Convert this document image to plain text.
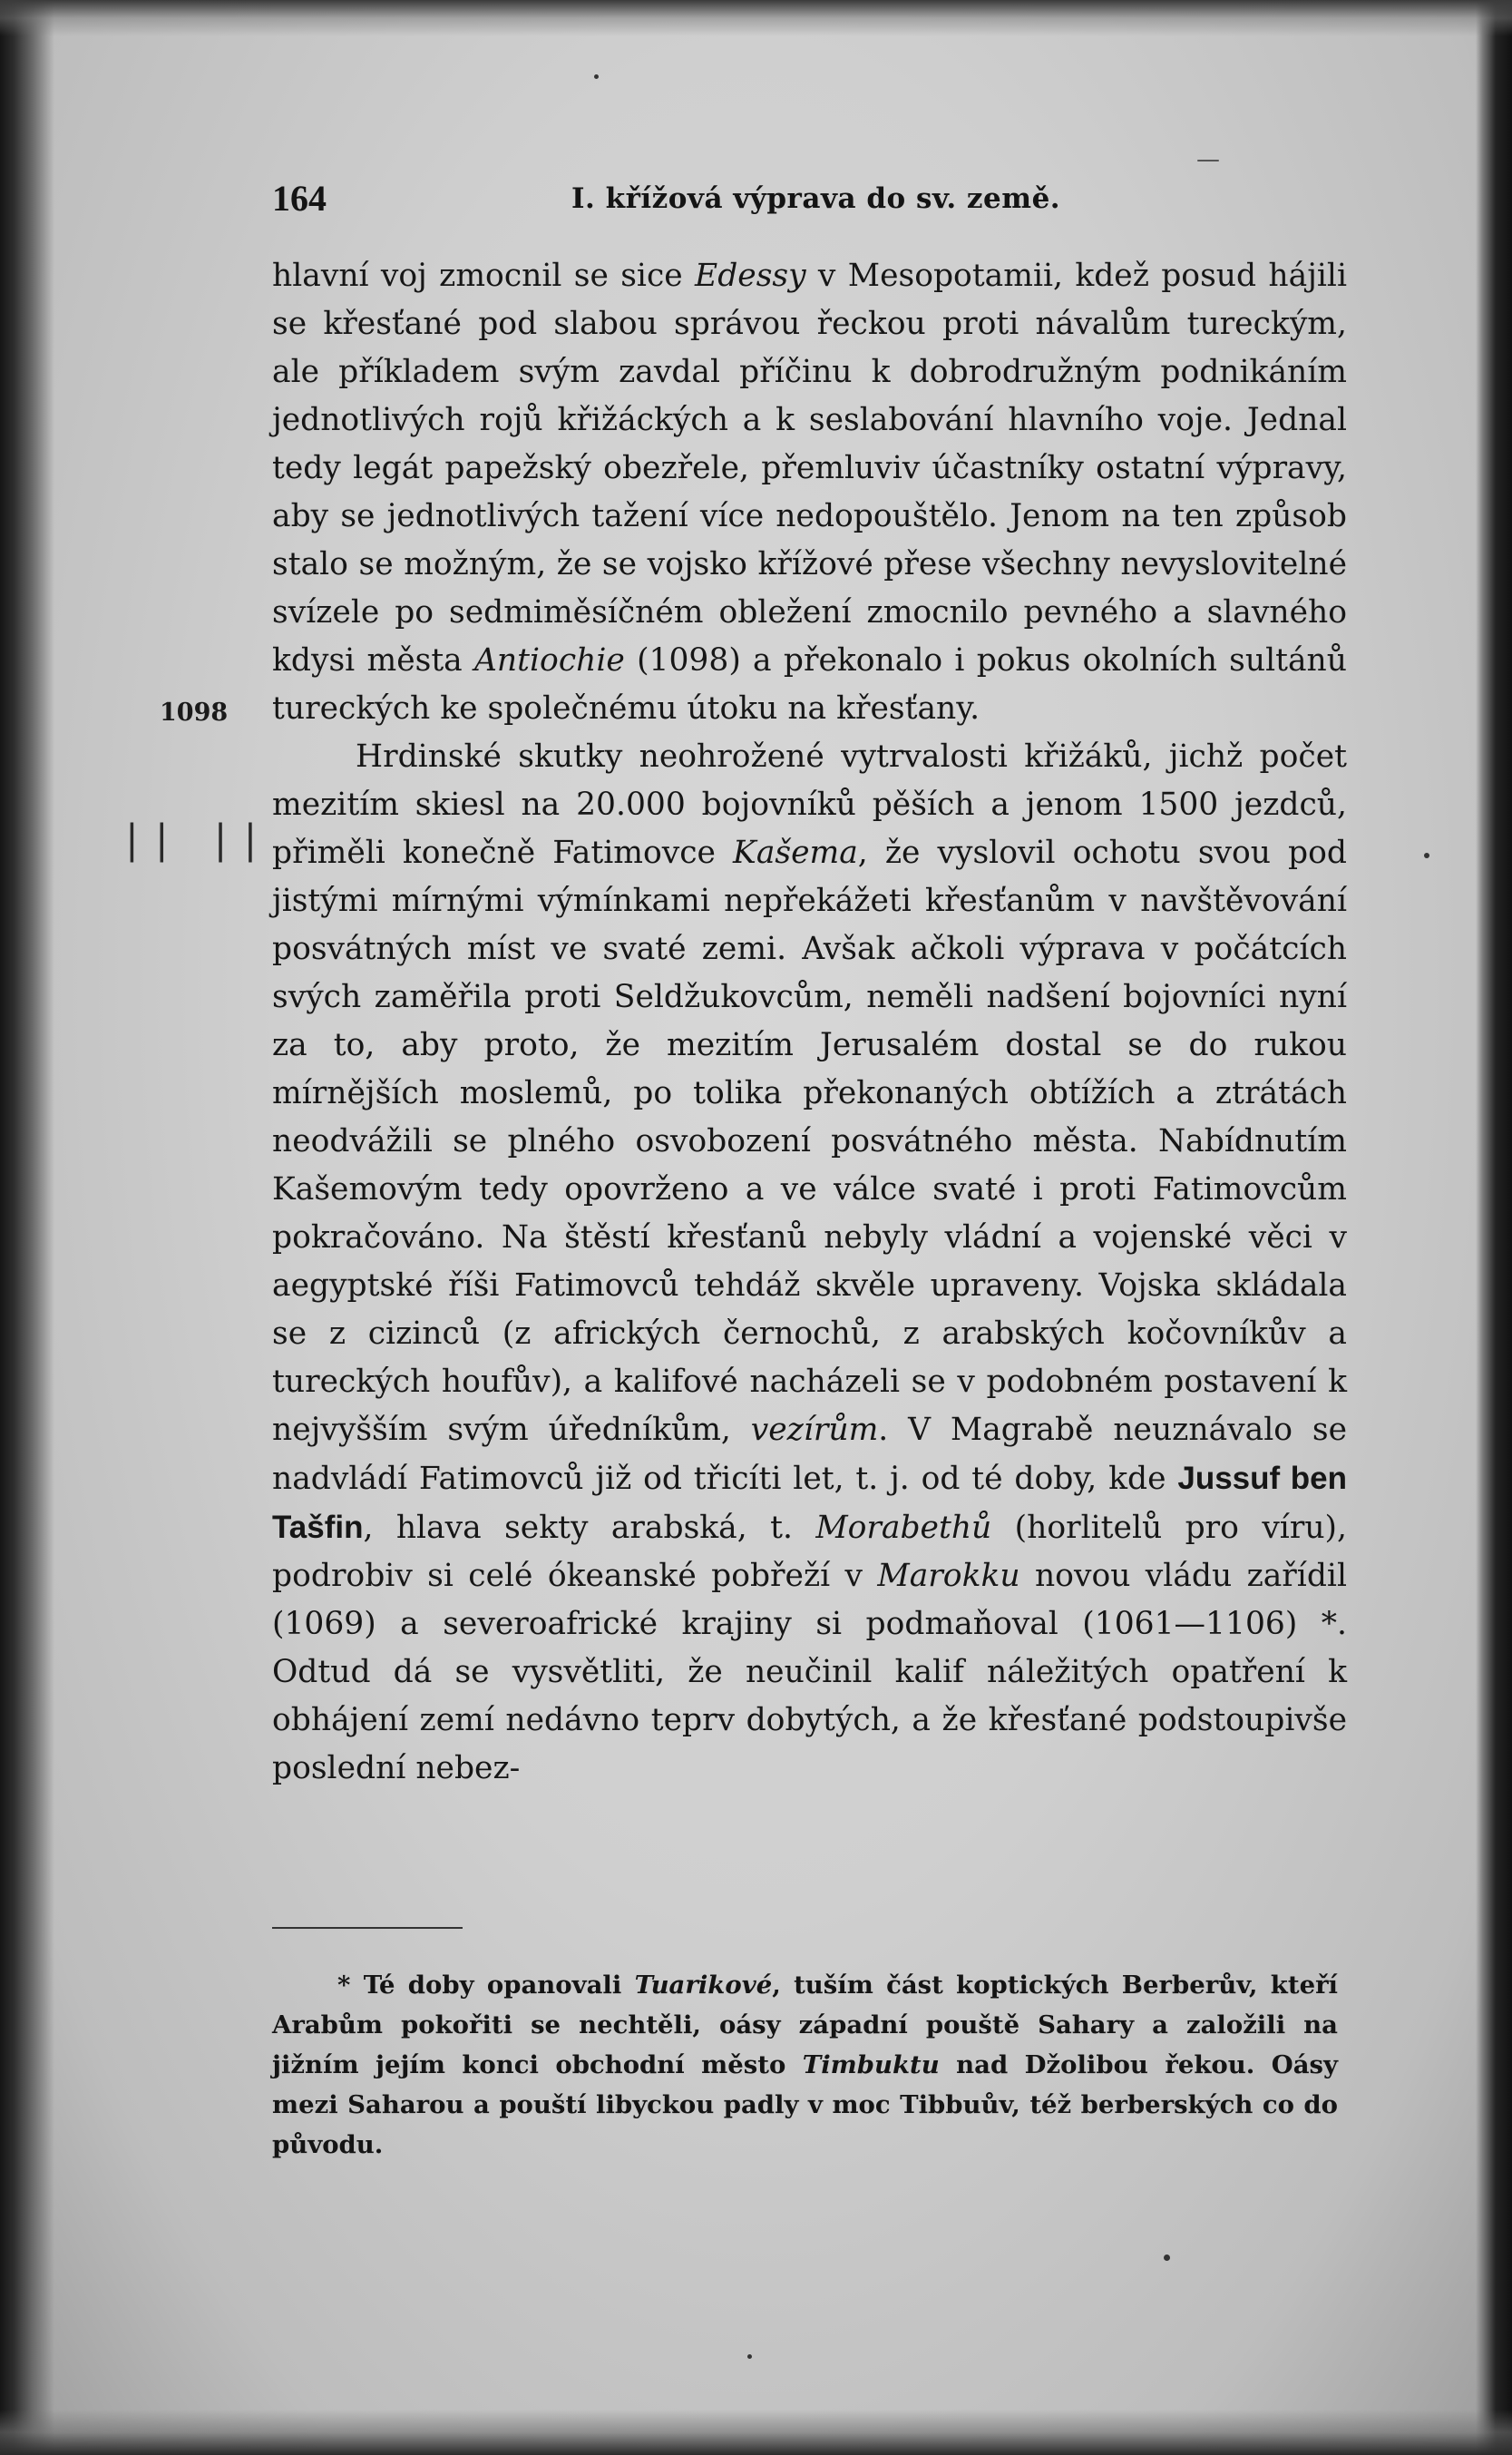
164	I. křížová výprava do sv. země.
1098
|| ||

hlavní voj zmocnil se sice Edessy v Mesopotamii, kdež posud hájili se křesťané pod slabou správou řeckou proti návalům tureckým, ale příkladem svým zavdal příčinu k dobrodružným podnikáním jednotlivých rojů křižáckých a k seslabování hlavního voje. Jednal tedy legát papežský obezřele, přemluviv účastníky ostatní výpravy, aby se jednotlivých tažení více nedopouštělo. Jenom na ten způsob stalo se možným, že se vojsko křížové přese všechny nevyslovitelné svízele po sedmiměsíčném obležení zmocnilo pevného a slavného kdysi města Antiochie (1098) a překonalo i pokus okolních sultánů tureckých ke společnému útoku na křesťany.

Hrdinské skutky neohrožené vytrvalosti křižáků, jichž počet mezitím skiesl na 20.000 bojovníků pěších a jenom 1500 jezdců, přiměli konečně Fatimovce Kašema, že vyslovil ochotu svou pod jistými mírnými výmínkami nepřekážeti křesťanům v navštěvování posvátných míst ve svaté zemi. Avšak ačkoli výprava v počátcích svých zaměřila proti Seldžukovcům, neměli nadšení bojovníci nyní za to, aby proto, že mezitím Jerusalém dostal se do rukou mírnějších moslemů, po tolika překonaných obtížích a ztrátách neodvážili se plného osvobození posvátného města. Nabídnutím Kašemovým tedy opovrženo a ve válce svaté i proti Fatimovcům pokračováno. Na štěstí křesťanů nebyly vládní a vojenské věci v aegyptské říši Fatimovců tehdáž skvěle upraveny. Vojska skládala se z cizinců (z afrických černochů, z arabských kočovníkův a tureckých houfův), a kalifové nacházeli se v podobném postavení k nejvyšším svým úředníkům, vezírům. V Magrabě neuznávalo se nadvládí Fatimovců již od třicíti let, t. j. od té doby, kde Jussuf ben Tašfin, hlava sekty arabská, t. Morabethů (horlitelů pro víru), podrobiv si celé ókeanské pobřeží v Marokku novou vládu zařídil (1069) a severoafrické krajiny si podmaňoval (1061—1106) *. Odtud dá se vysvětliti, že neučinil kalif náležitých opatření k obhájení zemí nedávno teprv dobytých, a že křesťané podstoupivše poslední nebez-

* Té doby opanovali Tuarikové, tuším část koptických Berberův, kteří Arabům pokořiti se nechtěli, oásy západní pouště Sahary a založili na jižním jejím konci obchodní město Timbuktu nad Džolibou řekou. Oásy mezi Saharou a pouští libyckou padly v moc Tibbuův, též berberských co do původu.
